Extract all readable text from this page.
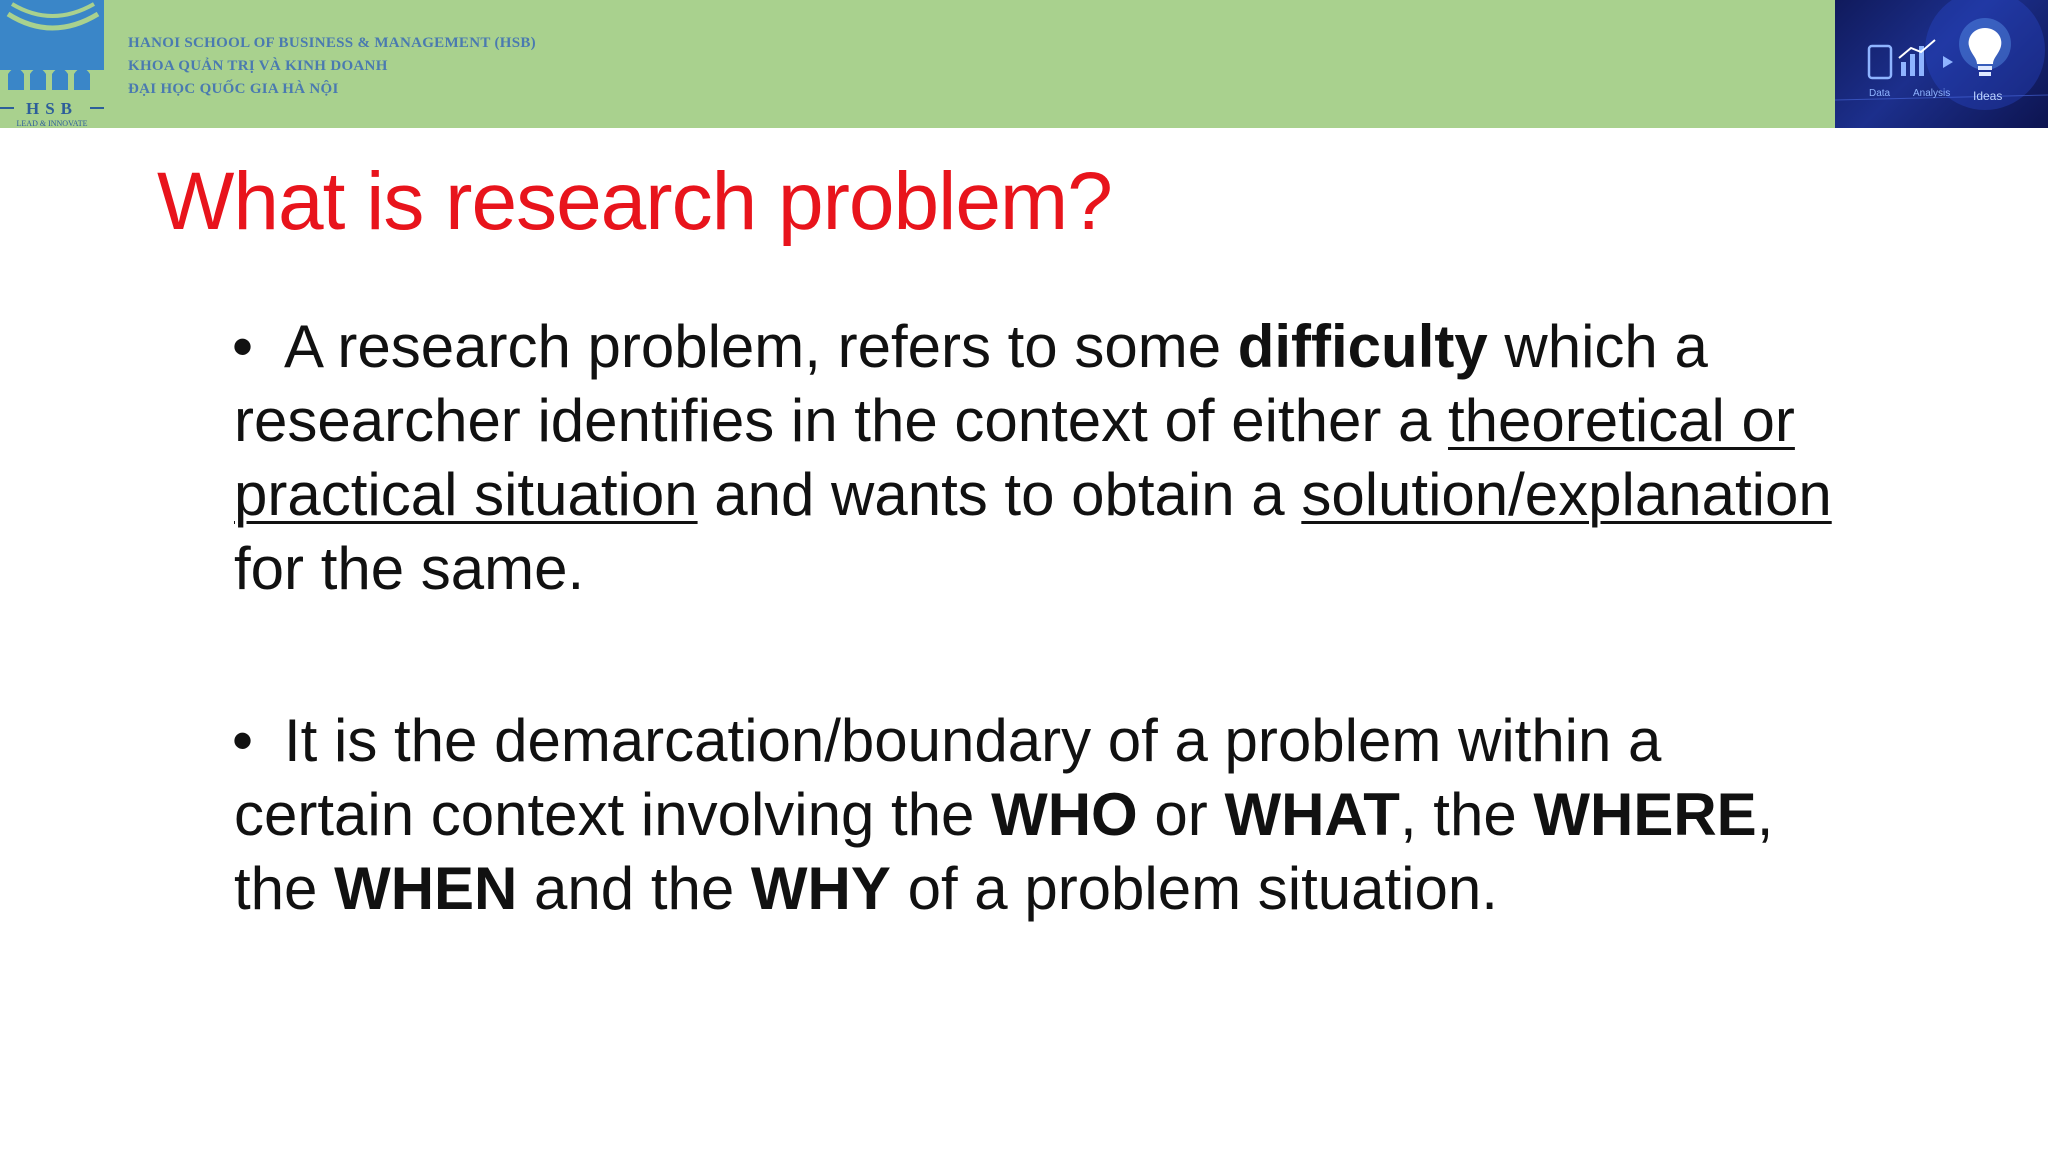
HSB
LEAD & INNOVATE
HANOI SCHOOL OF BUSINESS & MANAGEMENT (HSB)
KHOA QUẢN TRỊ VÀ KINH DOANH
ĐẠI HỌC QUỐC GIA HÀ NỘI	Data Analysis Ideas
What is research problem?
• A research problem, refers to some difficulty which a researcher identifies in the context of either a theoretical or practical situation and wants to obtain a solution/explanation for the same.
• It is the demarcation/boundary of a problem within a certain context involving the WHO or WHAT, the WHERE, the WHEN and the WHY of a problem situation.
